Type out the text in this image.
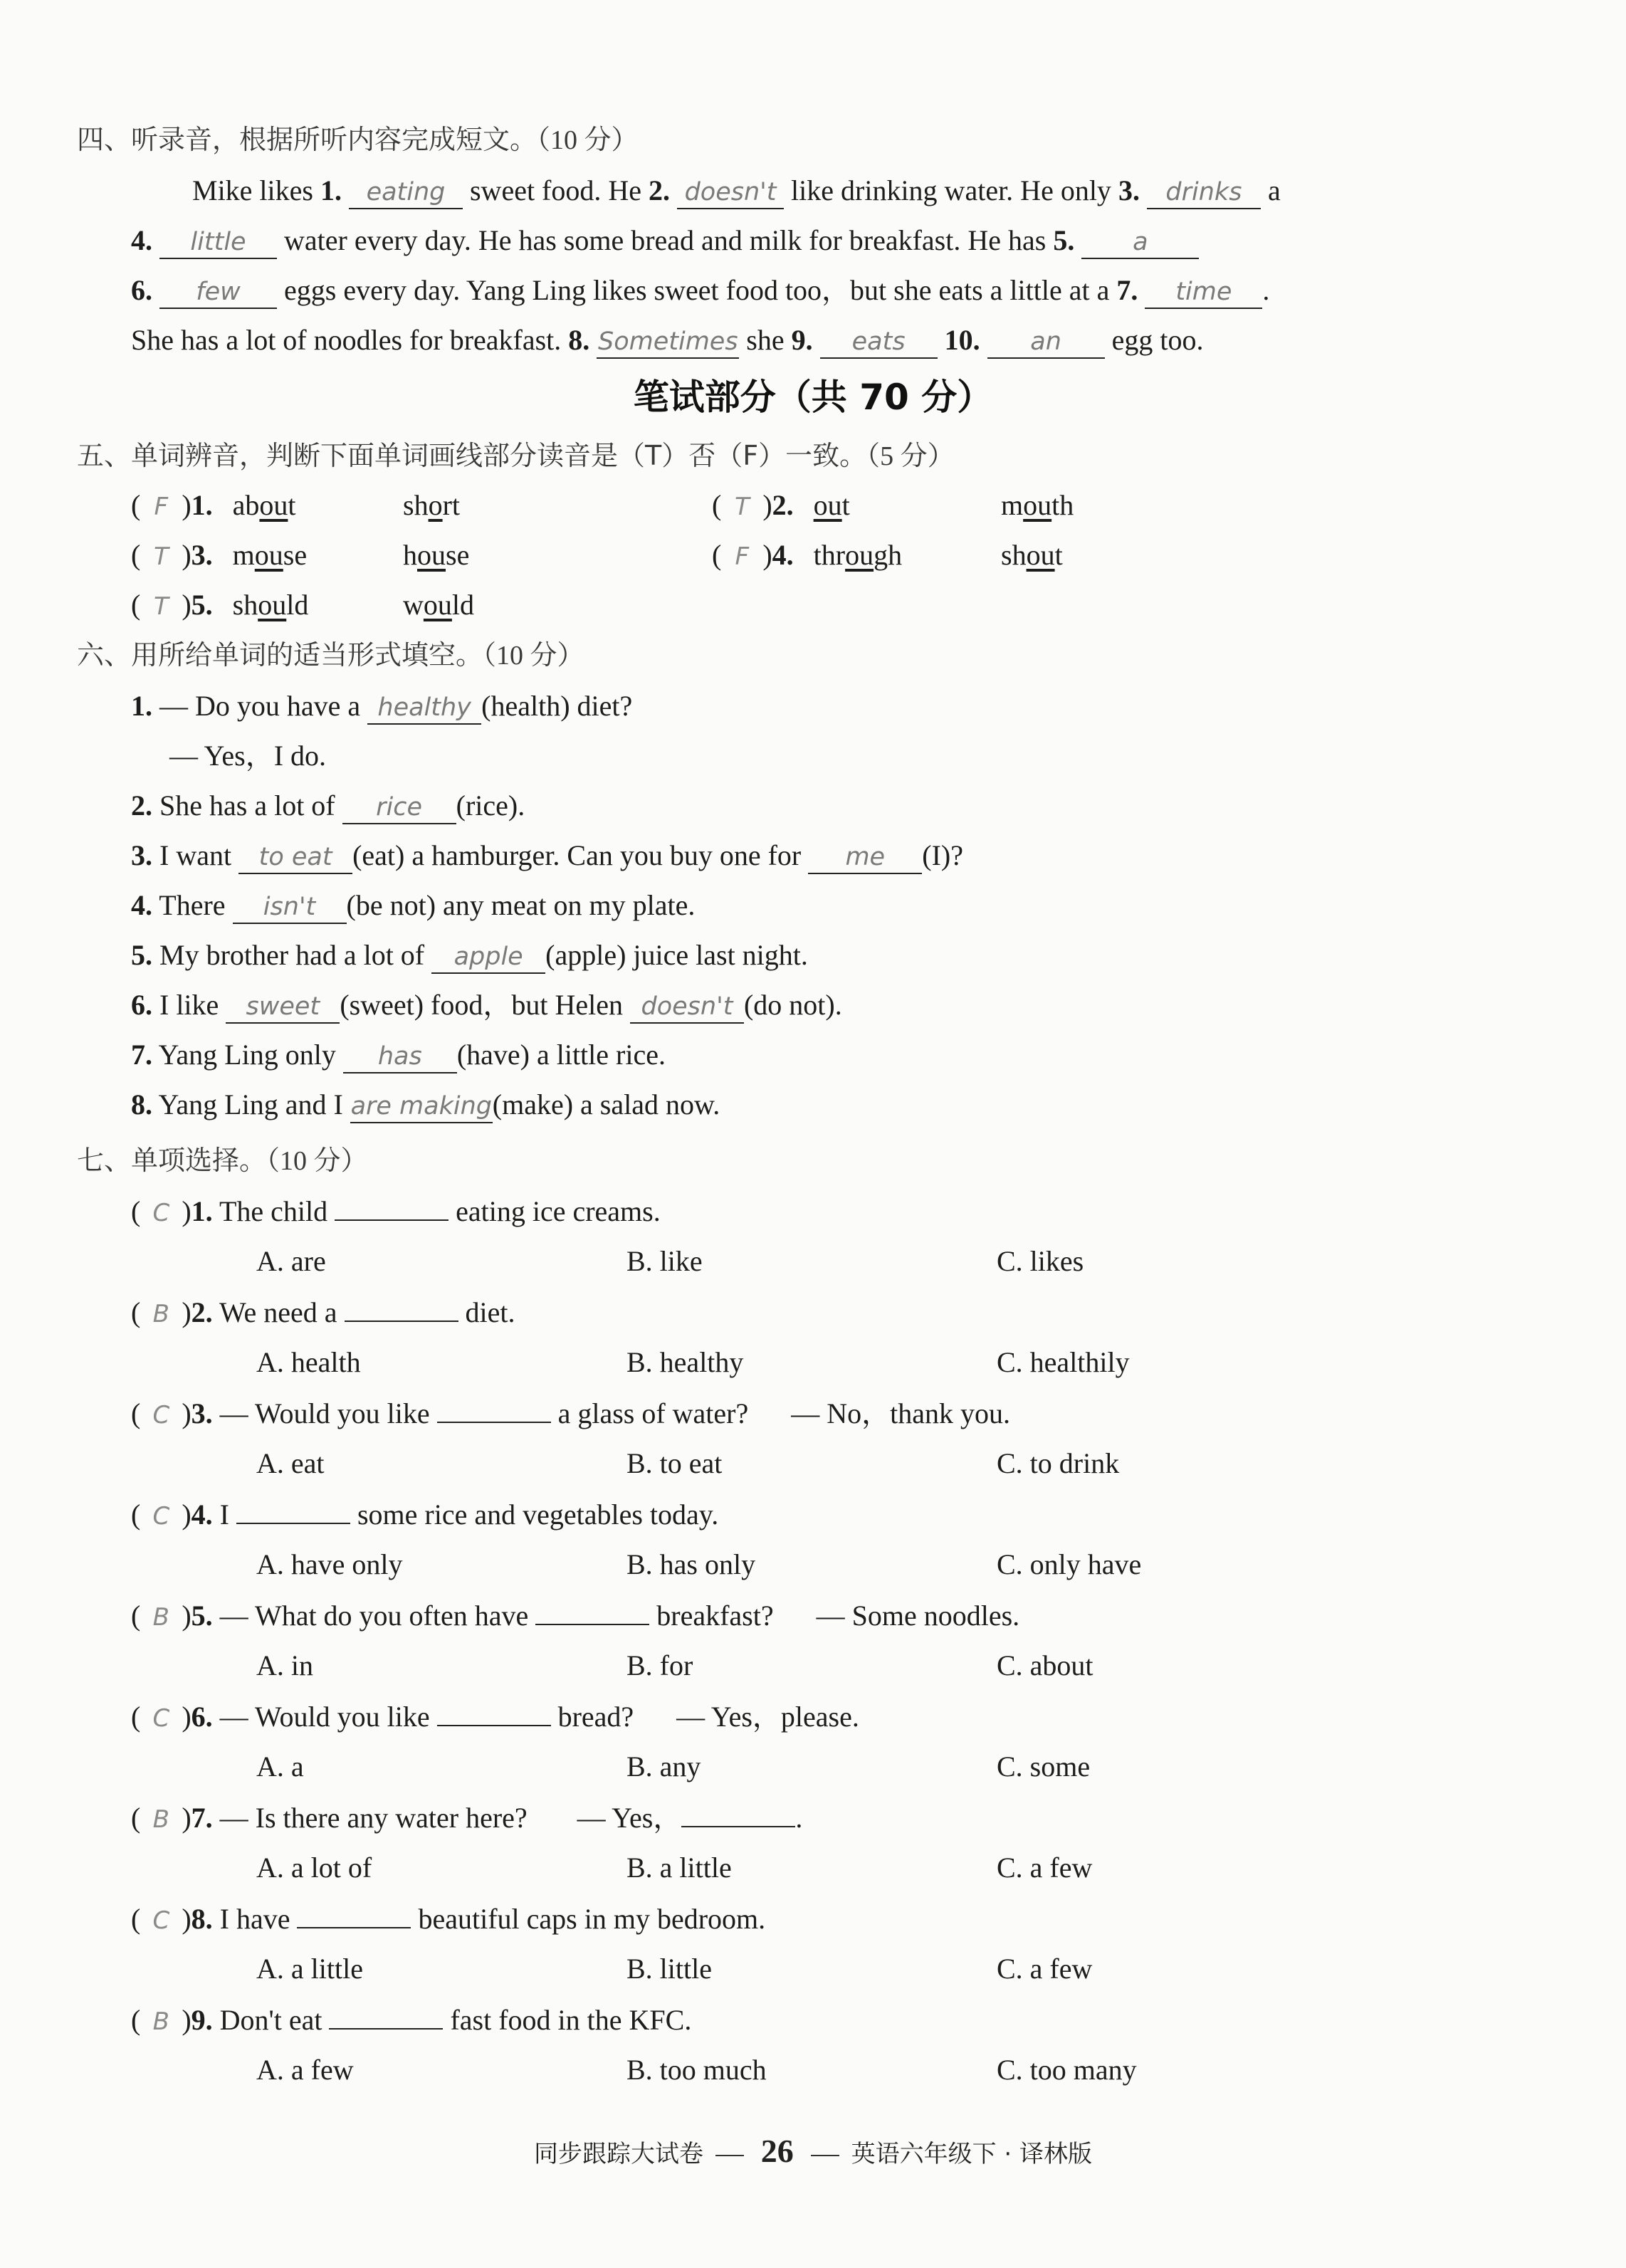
四、听录音，根据所听内容完成短文。（10 分）
Mike likes 1. eating sweet food. He 2. doesn't like drinking water. He only 3. drinks a
4. little water every day. He has some bread and milk for breakfast. He has 5. a
6. few eggs every day. Yang Ling likes sweet food too，but she eats a little at a 7. time .
She has a lot of noodles for breakfast. 8. Sometimes she 9. eats 10. an egg too.
笔试部分（共 70 分）
五、单词辨音，判断下面单词画线部分读音是（T）否（F）一致。（5 分）
( F )1. about	short	( T )2. out	mouth
( T )3. mouse	house	( F )4. through	shout
( T )5. should	would
六、用所给单词的适当形式填空。（10 分）
1. — Do you have a healthy (health) diet?
— Yes，I do.
2. She has a lot of rice (rice).
3. I want to eat (eat) a hamburger. Can you buy one for me (I)?
4. There isn't (be not) any meat on my plate.
5. My brother had a lot of apple (apple) juice last night.
6. I like sweet (sweet) food，but Helen doesn't (do not).
7. Yang Ling only has (have) a little rice.
8. Yang Ling and I are making(make) a salad now.
七、单项选择。（10 分）
( C )1. The child	eating ice creams.
A. are	B. like	C. likes
( B )2. We need a	diet.
A. health	B. healthy	C. healthily
( C )3. — Would you like	a glass of water? — No，thank you.
A. eat	B. to eat	C. to drink
( C )4. I	some rice and vegetables today.
A. have only	B. has only	C. only have
( B )5. — What do you often have	breakfast? — Some noodles.
A. in	B. for	C. about
( C )6. — Would you like	bread? — Yes，please.
A. a	B. any	C. some
( B )7. — Is there any water here? — Yes，	.
A. a lot of	B. a little	C. a few
( C )8. I have	beautiful caps in my bedroom.
A. a little	B. little	C. a few
( B )9. Don't eat	fast food in the KFC.
A. a few	B. too much	C. too many
同步跟踪大试卷 26 英语六年级下 · 译林版
